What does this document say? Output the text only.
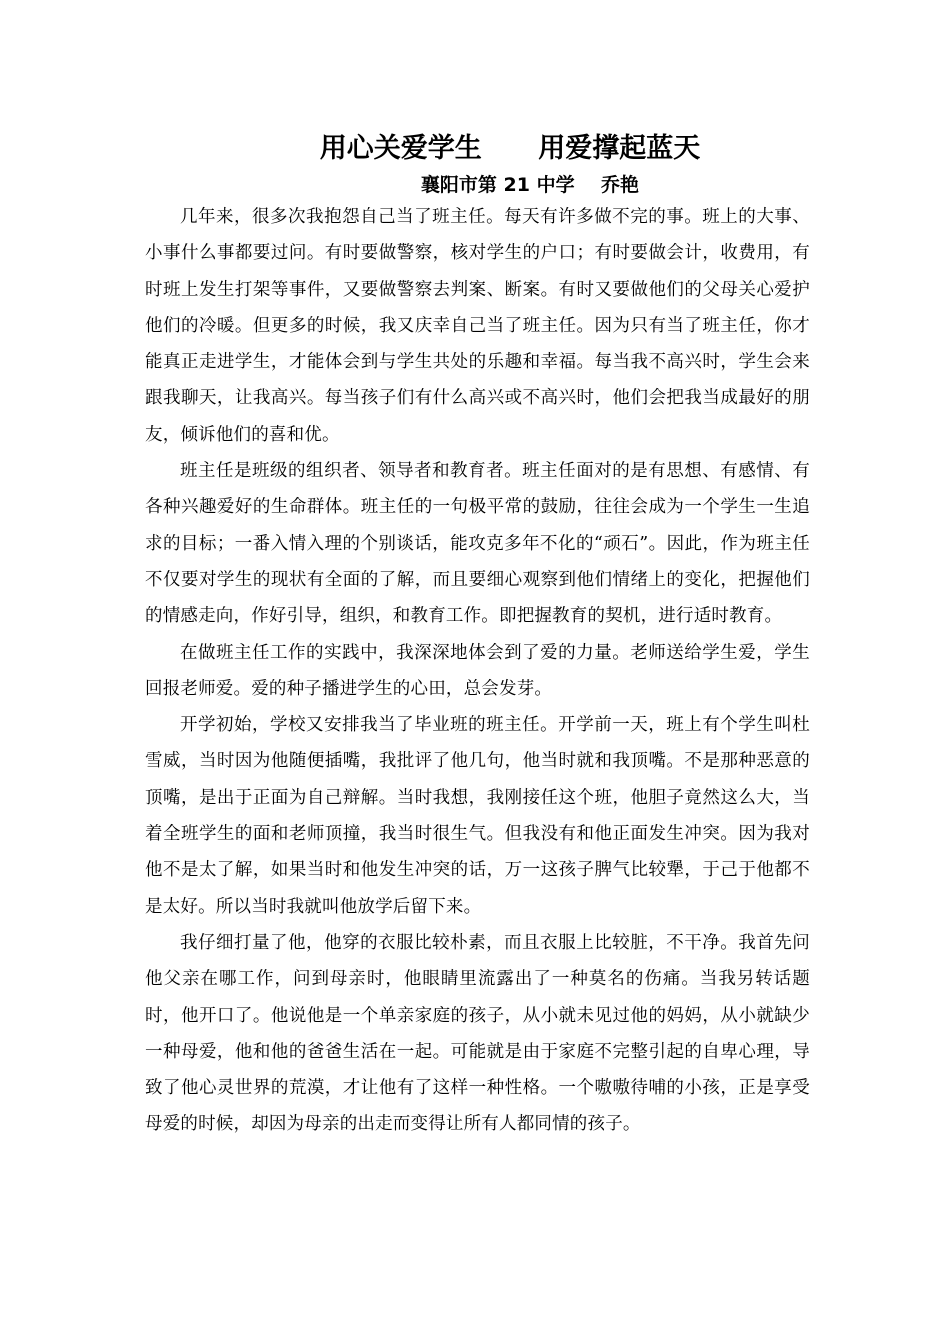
用心关爱学生      用爱撑起蓝天
襄阳市第 21 中学    乔艳

几年来，很多次我抱怨自己当了班主任。每天有许多做不完的事。班上的大事、小事什么事都要过问。有时要做警察，核对学生的户口；有时要做会计，收费用，有时班上发生打架等事件，又要做警察去判案、断案。有时又要做他们的父母关心爱护他们的冷暖。但更多的时候，我又庆幸自己当了班主任。因为只有当了班主任，你才能真正走进学生，才能体会到与学生共处的乐趣和幸福。每当我不高兴时，学生会来跟我聊天，让我高兴。每当孩子们有什么高兴或不高兴时，他们会把我当成最好的朋友，倾诉他们的喜和优。

班主任是班级的组织者、领导者和教育者。班主任面对的是有思想、有感情、有各种兴趣爱好的生命群体。班主任的一句极平常的鼓励，往往会成为一个学生一生追求的目标；一番入情入理的个别谈话，能攻克多年不化的“顽石”。因此，作为班主任不仅要对学生的现状有全面的了解，而且要细心观察到他们情绪上的变化，把握他们的情感走向，作好引导，组织，和教育工作。即把握教育的契机，进行适时教育。

在做班主任工作的实践中，我深深地体会到了爱的力量。老师送给学生爱，学生回报老师爱。爱的种子播进学生的心田，总会发芽。

开学初始，学校又安排我当了毕业班的班主任。开学前一天，班上有个学生叫杜雪威，当时因为他随便插嘴，我批评了他几句，他当时就和我顶嘴。不是那种恶意的顶嘴，是出于正面为自己辩解。当时我想，我刚接任这个班，他胆子竟然这么大，当着全班学生的面和老师顶撞，我当时很生气。但我没有和他正面发生冲突。因为我对他不是太了解，如果当时和他发生冲突的话，万一这孩子脾气比较犟，于己于他都不是太好。所以当时我就叫他放学后留下来。

我仔细打量了他，他穿的衣服比较朴素，而且衣服上比较脏，不干净。我首先问他父亲在哪工作，问到母亲时，他眼睛里流露出了一种莫名的伤痛。当我另转话题时，他开口了。他说他是一个单亲家庭的孩子，从小就未见过他的妈妈，从小就缺少一种母爱，他和他的爸爸生活在一起。可能就是由于家庭不完整引起的自卑心理，导致了他心灵世界的荒漠，才让他有了这样一种性格。一个嗷嗷待哺的小孩，正是享受母爱的时候，却因为母亲的出走而变得让所有人都同情的孩子。
